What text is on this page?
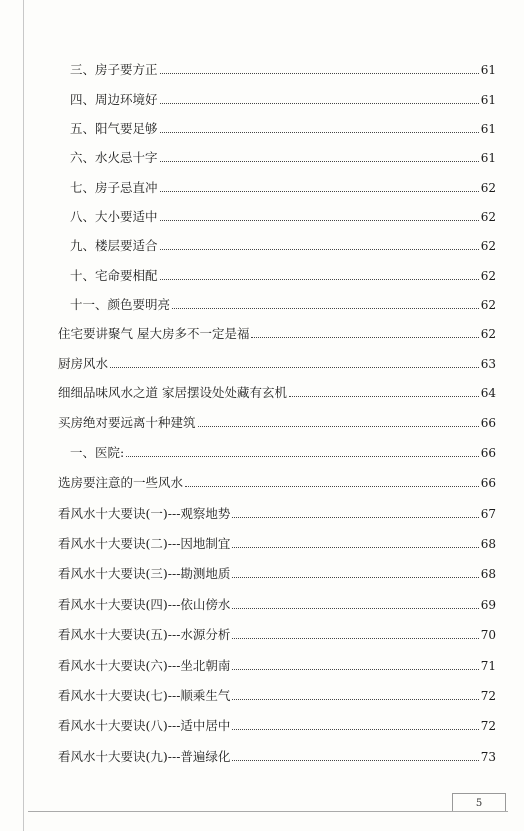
三、房子要方正	61
四、周边环境好	61
五、阳气要足够	61
六、水火忌十字	61
七、房子忌直冲	62
八、大小要适中	62
九、楼层要适合	62
十、宅命要相配	62
十一、颜色要明亮	62
住宅要讲聚气 屋大房多不一定是福	62
厨房风水	63
细细品味风水之道 家居摆设处处藏有玄机	64
买房绝对要远离十种建筑	66
一、医院:	66
选房要注意的一些风水	66
看风水十大要诀(一)---观察地势	67
看风水十大要诀(二)---因地制宜	68
看风水十大要诀(三)---勘测地质	68
看风水十大要诀(四)---依山傍水	69
看风水十大要诀(五)---水源分析	70
看风水十大要诀(六)---坐北朝南	71
看风水十大要诀(七)---顺乘生气	72
看风水十大要诀(八)---适中居中	72
看风水十大要诀(九)---普遍绿化	73
5
